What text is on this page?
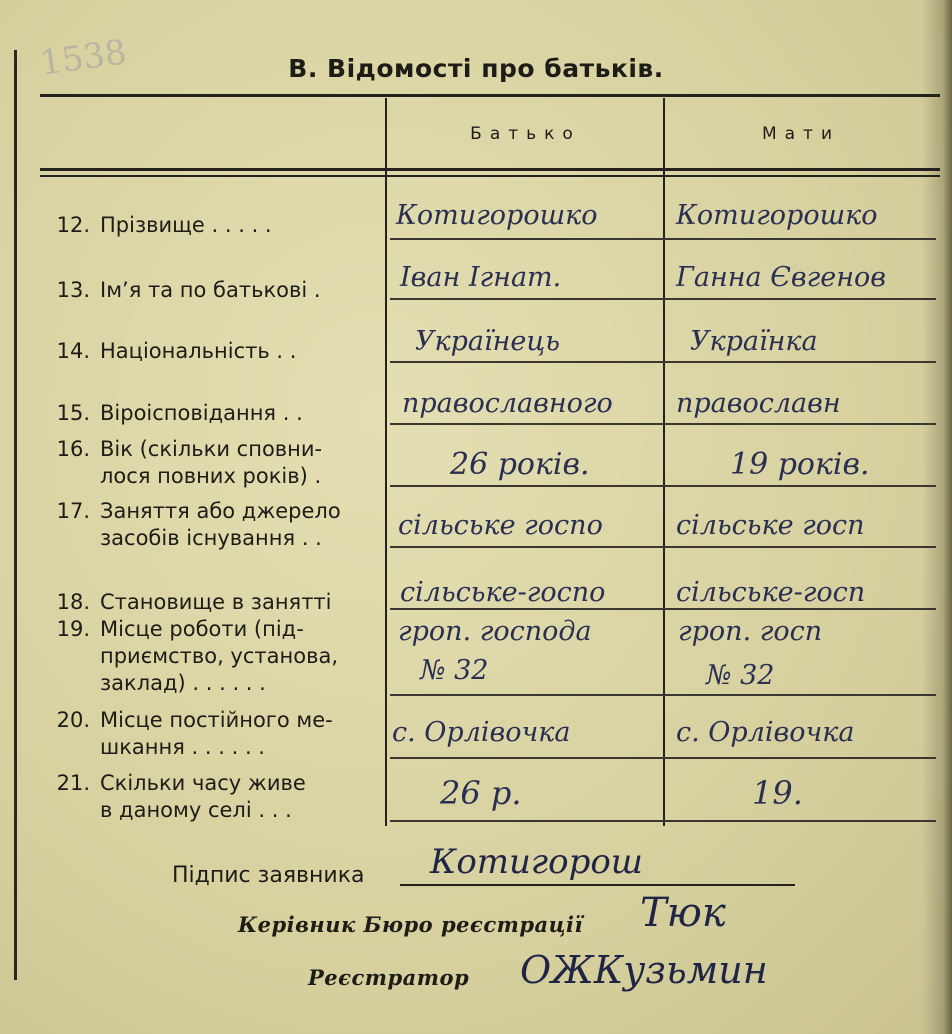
1538	В. Відомості про батьків.
Батько	Мати
12. Прізвище . . . . .
13. Ім’я та по батькові .
14. Національність . .
15. Віроісповідання . .
16. Вік (скільки сповни-
лося повних років) .
17. Заняття або джерело
засобів існування . .
18. Становище в занятті
19. Місце роботи (під-
приємство, установа,
заклад) . . . . . .
20. Місце постійного ме-
шкання . . . . . .
21. Скільки часу живе
в даному селі . . .
Котигорошко
Іван Ігнат.
Українець
православного
26 років.
сільське госпо
сільське-госпо
гроп. господа
№ 32
с. Орлівочка
26 р.
Котигорошко
Ганна Євгенов
Українка
православн
19 років.
сільське госп
сільське-госп
гроп. госп
№ 32
с. Орлівочка
19.
Підпис заявника Котигорош
Керівник Бюро реєстрації Тюк
Реєстратор ОЖКузьмин
